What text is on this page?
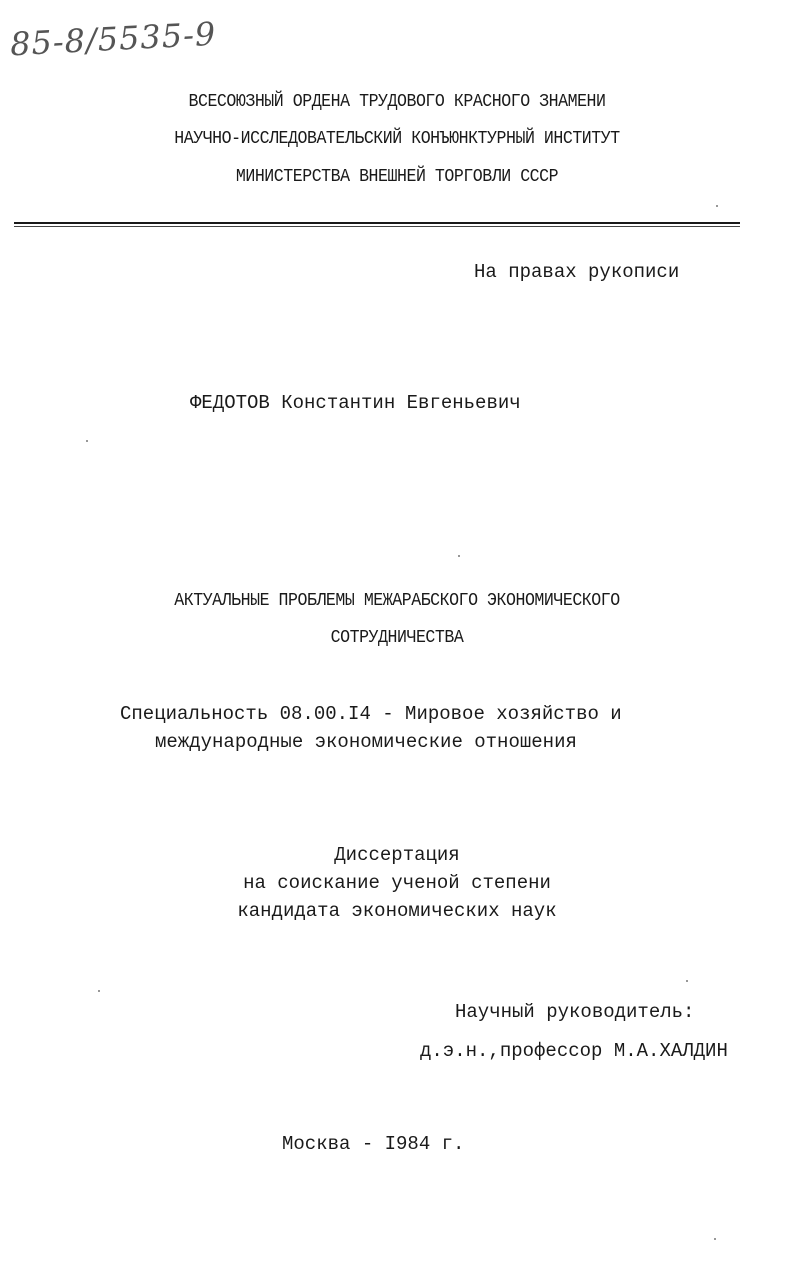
85-8/5535-9
ВСЕСОЮЗНЫЙ ОРДЕНА ТРУДОВОГО КРАСНОГО ЗНАМЕНИ
НАУЧНО-ИССЛЕДОВАТЕЛЬСКИЙ КОНЪЮНКТУРНЫЙ ИНСТИТУТ
МИНИСТЕРСТВА ВНЕШНЕЙ ТОРГОВЛИ СССР
На правах рукописи
ФЕДОТОВ Константин Евгеньевич
АКТУАЛЬНЫЕ ПРОБЛЕМЫ МЕЖАРАБСКОГО ЭКОНОМИЧЕСКОГО
СОТРУДНИЧЕСТВА
Специальность 08.00.I4 - Мировое хозяйство и
международные экономические отношения
Диссертация
на соискание ученой степени
кандидата экономических наук
Научный руководитель:
д.э.н.,профессор М.А.ХАЛДИН
Москва - I984 г.
